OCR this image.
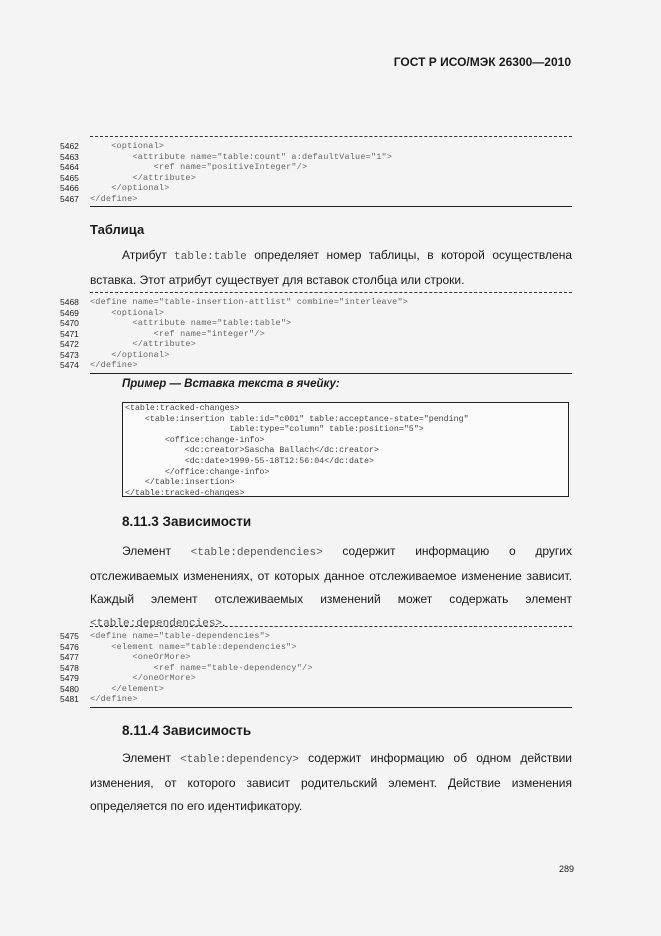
ГОСТ Р ИСО/МЭК 26300—2010
5462	<optional>
5463	<attribute name="table:count" a:defaultValue="1">
5464	<ref name="positiveInteger"/>
5465	</attribute>
5466	</optional>
5467	</define>
Таблица
Атрибут table:table определяет номер таблицы, в которой осуществлена вставка. Этот атрибут существует для вставок столбца или строки.
5468	<define name="table-insertion-attlist" combine="interleave">
5469	<optional>
5470	<attribute name="table:table">
5471	<ref name="integer"/>
5472	</attribute>
5473	</optional>
5474	</define>
Пример — Вставка текста в ячейку:
<table:tracked-changes>
<table:insertion table:id="c001" table:acceptance-state="pending"
table:type="column" table:position="5">
<office:change-info>
<dc:creator>Sascha Ballach</dc:creator>
<dc:date>1999-55-18T12:56:04</dc:date>
</office:change-info>
</table:insertion>
</table:tracked-changes>
8.11.3 Зависимости
Элемент <table:dependencies> содержит информацию о других отслеживаемых изменениях, от которых данное отслеживаемое изменение зависит. Каждый элемент отслеживаемых изменений может содержать элемент <table:dependencies>.
5475	<define name="table-dependencies">
5476	<element name="table:dependencies">
5477	<oneOrMore>
5478	<ref name="table-dependency"/>
5479	</oneOrMore>
5480	</element>
5481	</define>
8.11.4 Зависимость
Элемент <table:dependency> содержит информацию об одном действии изменения, от которого зависит родительский элемент. Действие изменения определяется по его идентификатору.
289
